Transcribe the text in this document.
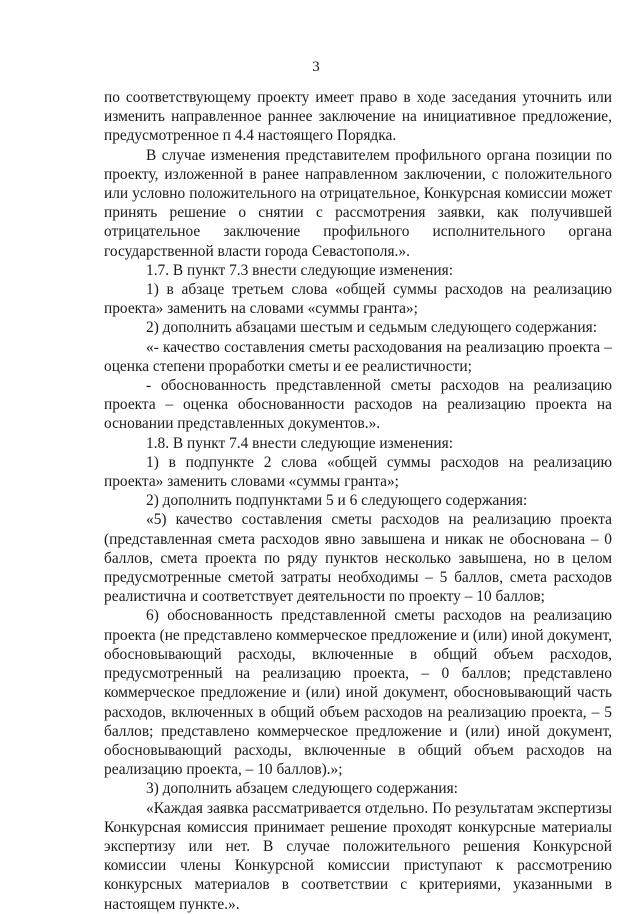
3

по соответствующему проекту имеет право в ходе заседания уточнить или изменить направленное раннее заключение на инициативное предложение, предусмотренное п 4.4 настоящего Порядка.

В случае изменения представителем профильного органа позиции по проекту, изложенной в ранее направленном заключении, с положительного или условно положительного на отрицательное, Конкурсная комиссии может принять решение о снятии с рассмотрения заявки, как получившей отрицательное заключение профильного исполнительного органа государственной власти города Севастополя.».

1.7. В пункт 7.3 внести следующие изменения:

1) в абзаце третьем слова «общей суммы расходов на реализацию проекта» заменить на словами «суммы гранта»;

2) дополнить абзацами шестым и седьмым следующего содержания:

«- качество составления сметы расходования на реализацию проекта – оценка степени проработки сметы и ее реалистичности;

- обоснованность представленной сметы расходов на реализацию проекта – оценка обоснованности расходов на реализацию проекта на основании представленных документов.».

1.8. В пункт 7.4 внести следующие изменения:

1) в подпункте 2 слова «общей суммы расходов на реализацию проекта» заменить словами «суммы гранта»;

2) дополнить подпунктами 5 и 6 следующего содержания:

«5) качество составления сметы расходов на реализацию проекта (представленная смета расходов явно завышена и никак не обоснована – 0 баллов, смета проекта по ряду пунктов несколько завышена, но в целом предусмотренные сметой затраты необходимы – 5 баллов, смета расходов реалистична и соответствует деятельности по проекту – 10 баллов;

6) обоснованность представленной сметы расходов на реализацию проекта (не представлено коммерческое предложение и (или) иной документ, обосновывающий расходы, включенные в общий объем расходов, предусмотренный на реализацию проекта, – 0 баллов; представлено коммерческое предложение и (или) иной документ, обосновывающий часть расходов, включенных в общий объем расходов на реализацию проекта, – 5 баллов; представлено коммерческое предложение и (или) иной документ, обосновывающий расходы, включенные в общий объем расходов на реализацию проекта, – 10 баллов).»;

3) дополнить абзацем следующего содержания:

«Каждая заявка рассматривается отдельно. По результатам экспертизы Конкурсная комиссия принимает решение проходят конкурсные материалы экспертизу или нет. В случае положительного решения Конкурсной комиссии члены Конкурсной комиссии приступают к рассмотрению конкурсных материалов в соответствии с критериями, указанными в настоящем пункте.».
